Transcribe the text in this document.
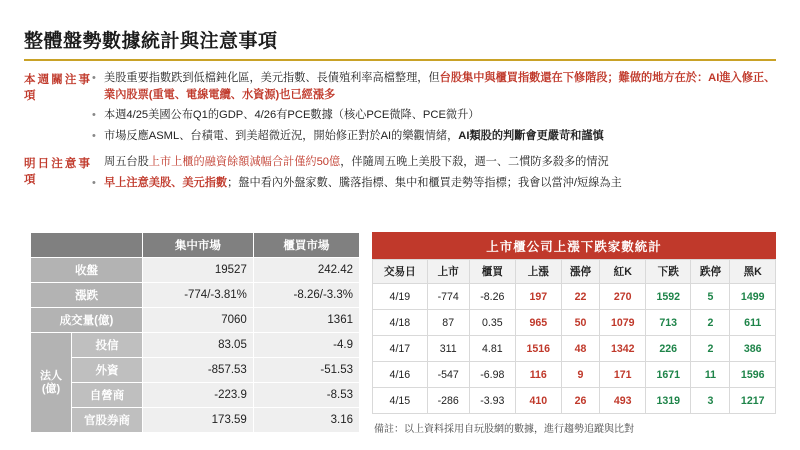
整體盤勢數據統計與注意事項
本週關注事項
• 美股重要指數跌到低檔鈍化區，美元指數、長債殖利率高檔整理，但台股集中與櫃買指數還在下修階段；難做的地方在於：AI進入修正、業內股票(重電、電線電纜、水資源)也已經漲多
• 本週4/25美國公布Q1的GDP、4/26有PCE數據（核心PCE微降、PCE微升）
• 市場反應ASML、台積電、到美超微近況，開始修正對於AI的樂觀情緒，AI類股的判斷會更嚴苛和謹慎
明日注意事項
周五台股上市上櫃的融資餘額減幅合計僅約50億，伴隨周五晚上美股下殺，週一、二慣防多殺多的情況
• 早上注意美股、美元指數；盤中看內外盤家數、騰落指標、集中和櫃買走勢等指標；我會以當沖/短線為主
		集中市場	櫃買市場
收盤		19527	242.42
漲跌		-774/-3.81%	-8.26/-3.3%
成交量(億)		7060	1361
法人(億)	投信	83.05	-4.9
	外資	-857.53	-51.53
	自營商	-223.9	-8.53
	官股券商	173.59	3.16
上市櫃公司上漲下跌家數統計
交易日	上市	櫃買	上漲	漲停	紅K	下跌	跌停	黑K
4/19	-774	-8.26	197	22	270	1592	5	1499
4/18	87	0.35	965	50	1079	713	2	611
4/17	311	4.81	1516	48	1342	226	2	386
4/16	-547	-6.98	116	9	171	1671	11	1596
4/15	-286	-3.93	410	26	493	1319	3	1217
備註：以上資料採用自玩股網的數據，進行趨勢追蹤與比對
